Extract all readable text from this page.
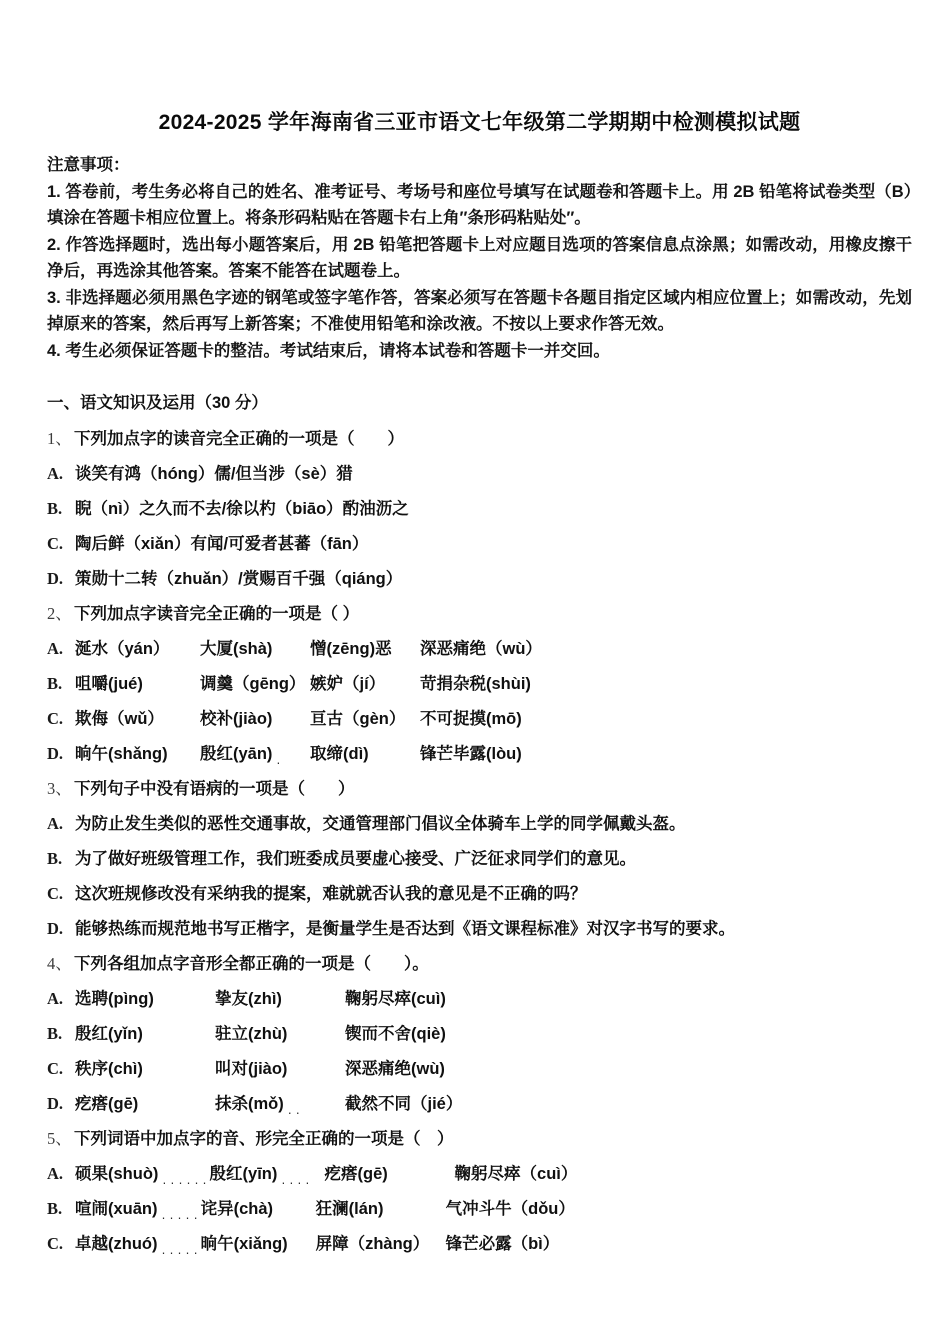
2024-2025 学年海南省三亚市语文七年级第二学期期中检测模拟试题

注意事项：

1. 答卷前，考生务必将自己的姓名、准考证号、考场号和座位号填写在试题卷和答题卡上。用 2B 铅笔将试卷类型（B）填涂在答题卡相应位置上。将条形码粘贴在答题卡右上角″条形码粘贴处″。

2. 作答选择题时，选出每小题答案后，用 2B 铅笔把答题卡上对应题目选项的答案信息点涂黑；如需改动，用橡皮擦干净后，再选涂其他答案。答案不能答在试题卷上。

3. 非选择题必须用黑色字迹的钢笔或签字笔作答，答案必须写在答题卡各题目指定区域内相应位置上；如需改动，先划掉原来的答案，然后再写上新答案；不准使用铅笔和涂改液。不按以上要求作答无效。

4. 考生必须保证答题卡的整洁。考试结束后，请将本试卷和答题卡一并交回。

一、语文知识及运用（30 分）
1、 下列加点字的读音完全正确的一项是（　　）
A. 谈笑有鸿（hóng）儒/但当涉（sè）猎
B. 睨（nì）之久而不去/徐以杓（biāo）酌油沥之
C. 陶后鲜（xiǎn）有闻/可爱者甚蕃（fān）
D. 策勋十二转（zhuǎn）/赏赐百千强（qiáng）
2、 下列加点字读音完全正确的一项是（ ）
A. 涎水（yán） 大厦(shà) 憎(zēng)恶 深恶痛绝（wù）
B. 咀嚼(jué)	调羹（gēng） 嫉妒（jí） 苛捐杂税(shùi)
C. 欺侮（wǔ） 校补(jiào) 亘古（gèn） 不可捉摸(mō)
D. 晌午(shǎng) 殷红(yān) $_.$ 取缔(dì)	锋芒毕露(lòu)
3、 下列句子中没有语病的一项是（　　）
A. 为防止发生类似的恶性交通事故，交通管理部门倡议全体骑车上学的同学佩戴头盔。
B. 为了做好班级管理工作，我们班委成员要虚心接受、广泛征求同学们的意见。
C. 这次班规修改没有采纳我的提案，难就就否认我的意见是不正确的吗？
D. 能够热练而规范地书写正楷字，是衡量学生是否达到《语文课程标准》对汉字书写的要求。
4、 下列各组加点字音形全都正确的一项是（　　）。
A. 选聘(pìng)	挚友(zhì)	鞠躬尽瘁(cuì)
B. 殷红(yǐn)	驻立(zhù)	锲而不舍(qiè)
C. 秩序(chì)	叫对(jiào)	深恶痛绝(wù)
D. 疙瘩(gē)	抹杀(mǒ) $_{..}$	截然不同（jié）
5、 下列词语中加点字的音、形完全正确的一项是（　）
A. 硕果(shuò) $_{......}$殷红(yīn) $_{....}$ 疙瘩(gē)	鞠躬尽瘁（cuì）
B. 喧闹(xuān) $_{.....}$诧异(chà)	狂澜(lán)	气冲斗牛（dǒu）
C. 卓越(zhuó) $_{.....}$晌午(xiǎng) 屏障（zhàng） 锋芒必露（bì）
